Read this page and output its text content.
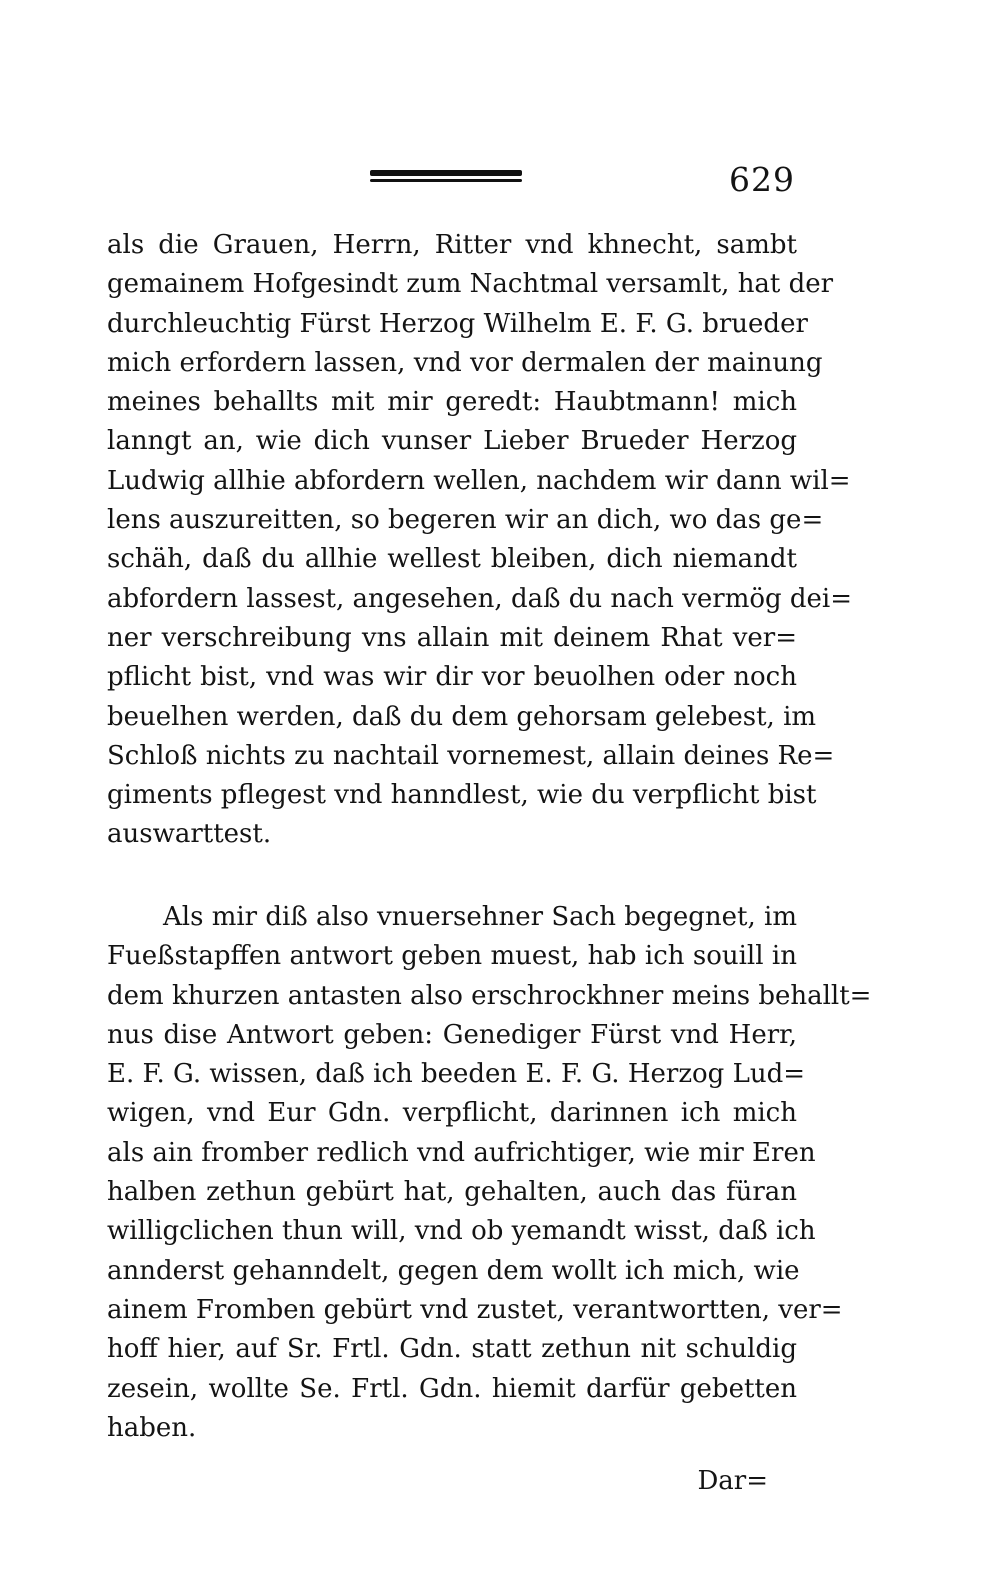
629
als die Grauen, Herrn, Ritter vnd khnecht, sambt
gemainem Hofgesindt zum Nachtmal versamlt, hat der
durchleuchtig Fürst Herzog Wilhelm E. F. G. brueder
mich erfordern lassen, vnd vor dermalen der mainung
meines behallts mit mir geredt: Haubtmann! mich
lanngt an, wie dich vunser Lieber Brueder Herzog
Ludwig allhie abfordern wellen, nachdem wir dann wil=
lens auszureitten, so begeren wir an dich, wo das ge=
schäh, daß du allhie wellest bleiben, dich niemandt
abfordern lassest, angesehen, daß du nach vermög dei=
ner verschreibung vns allain mit deinem Rhat ver=
pflicht bist, vnd was wir dir vor beuolhen oder noch
beuelhen werden, daß du dem gehorsam gelebest, im
Schloß nichts zu nachtail vornemest, allain deines Re=
giments pflegest vnd hanndlest, wie du verpflicht bist
auswarttest.
Als mir diß also vnuersehner Sach begegnet, im
Fueßstapffen antwort geben muest, hab ich souill in
dem khurzen antasten also erschrockhner meins behallt=
nus dise Antwort geben: Genediger Fürst vnd Herr,
E. F. G. wissen, daß ich beeden E. F. G. Herzog Lud=
wigen, vnd Eur Gdn. verpflicht, darinnen ich mich
als ain fromber redlich vnd aufrichtiger, wie mir Eren
halben zethun gebürt hat, gehalten, auch das füran
willigclichen thun will, vnd ob yemandt wisst, daß ich
annderst gehanndelt, gegen dem wollt ich mich, wie
ainem Fromben gebürt vnd zustet, verantwortten, ver=
hoff hier, auf Sr. Frtl. Gdn. statt zethun nit schuldig
zesein, wollte Se. Frtl. Gdn. hiemit darfür gebetten
haben.
Dar=
